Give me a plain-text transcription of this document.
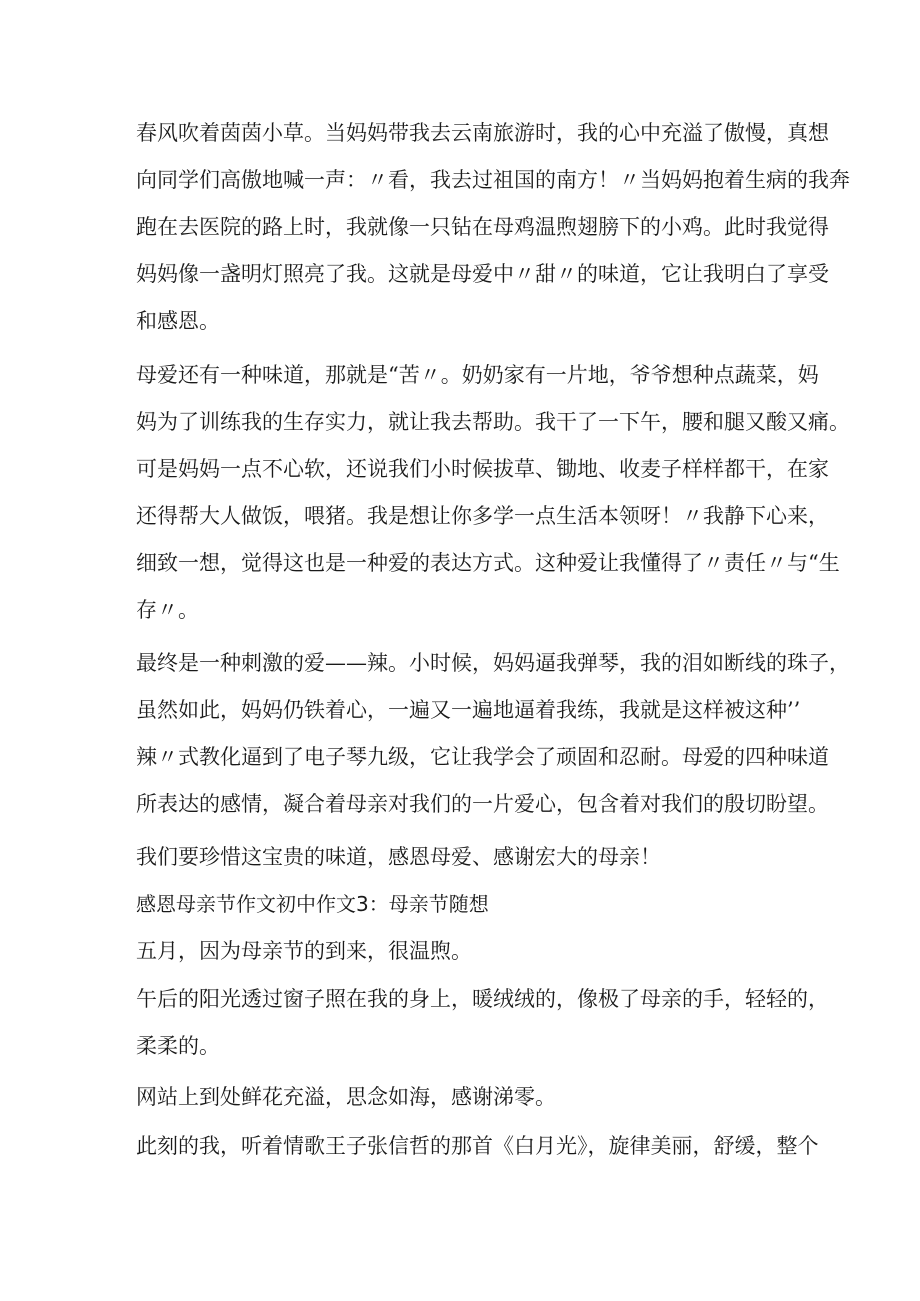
春风吹着茵茵小草。当妈妈带我去云南旅游时，我的心中充溢了傲慢，真想
向同学们高傲地喊一声：〃看，我去过祖国的南方！〃当妈妈抱着生病的我奔
跑在去医院的路上时，我就像一只钻在母鸡温煦翅膀下的小鸡。此时我觉得
妈妈像一盏明灯照亮了我。这就是母爱中〃甜〃的味道，它让我明白了享受
和感恩。
母爱还有一种味道，那就是“苦〃。奶奶家有一片地，爷爷想种点蔬菜，妈
妈为了训练我的生存实力，就让我去帮助。我干了一下午，腰和腿又酸又痛。
可是妈妈一点不心软，还说我们小时候拔草、锄地、收麦子样样都干，在家
还得帮大人做饭，喂猪。我是想让你多学一点生活本领呀！〃我静下心来，
细致一想，觉得这也是一种爱的表达方式。这种爱让我懂得了〃责任〃与“生
存〃。
最终是一种刺激的爱——辣。小时候，妈妈逼我弹琴，我的泪如断线的珠子，
虽然如此，妈妈仍铁着心，一遍又一遍地逼着我练，我就是这样被这种’’
辣〃式教化逼到了电子琴九级，它让我学会了顽固和忍耐。母爱的四种味道
所表达的感情，凝合着母亲对我们的一片爱心，包含着对我们的殷切盼望。
我们要珍惜这宝贵的味道，感恩母爱、感谢宏大的母亲！
感恩母亲节作文初中作文3：母亲节随想
五月，因为母亲节的到来，很温煦。
午后的阳光透过窗子照在我的身上，暖绒绒的，像极了母亲的手，轻轻的，
柔柔的。
网站上到处鲜花充溢，思念如海，感谢涕零。
此刻的我，听着情歌王子张信哲的那首《白月光》，旋律美丽，舒缓，整个
